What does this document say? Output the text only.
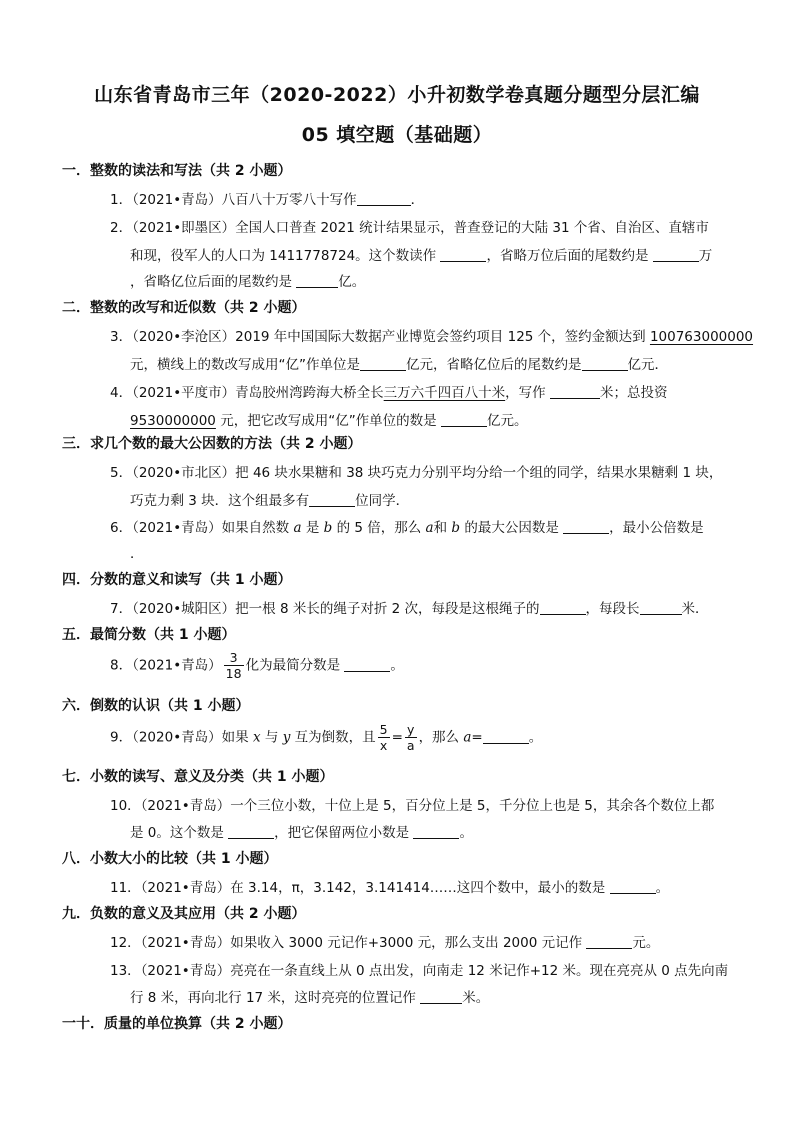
山东省青岛市三年（2020-2022）小升初数学卷真题分题型分层汇编
05 填空题（基础题）
一．整数的读法和写法（共 2 小题）
1．（2021•青岛）八百八十万零八十写作	．
2．（2021•即墨区）全国人口普查 2021 统计结果显示，普查登记的大陆 31 个省、自治区、直辖市
和现，役军人的人口为 1411778724。这个数读作	，省略万位后面的尾数约是	万
，省略亿位后面的尾数约是	亿。
二．整数的改写和近似数（共 2 小题）
3．（2020•李沧区）2019 年中国国际大数据产业博览会签约项目 125 个，签约金额达到 100763000000
元，横线上的数改写成用“亿”作单位是	亿元，省略亿位后的尾数约是	亿元．
4．（2021•平度市）青岛胶州湾跨海大桥全长三万六千四百八十米，写作	米；总投资
9530000000 元，把它改写成用“亿”作单位的数是	亿元。
三．求几个数的最大公因数的方法（共 2 小题）
5．（2020•市北区）把 46 块水果糖和 38 块巧克力分别平均分给一个组的同学，结果水果糖剩 1 块，
巧克力剩 3 块．这个组最多有	位同学．
6．（2021•青岛）如果自然数 a 是 b 的 5 倍，那么 a和 b 的最大公因数是	，最小公倍数是
．
四．分数的意义和读写（共 1 小题）
7．（2020•城阳区）把一根 8 米长的绳子对折 2 次，每段是这根绳子的	，每段长	米．
五．最简分数（共 1 小题）
8．（2021•青岛） $\frac{3}{18}$ 化为最简分数是	。
六．倒数的认识（共 1 小题）
9．（2020•青岛）如果 x 与 y 互为倒数，且 $\frac{5}{x} = \frac{y}{a}$ ，那么 a=	。
七．小数的读写、意义及分类（共 1 小题）
10．（2021•青岛）一个三位小数，十位上是 5，百分位上是 5，千分位上也是 5，其余各个数位上都
是 0。这个数是	，把它保留两位小数是	。
八．小数大小的比较（共 1 小题）
11．（2021•青岛）在 3.14，π，3.142，3.141414……这四个数中，最小的数是	。
九．负数的意义及其应用（共 2 小题）
12．（2021•青岛）如果收入 3000 元记作+3000 元，那么支出 2000 元记作	元。
13．（2021•青岛）亮亮在一条直线上从 0 点出发，向南走 12 米记作+12 米。现在亮亮从 0 点先向南
行 8 米，再向北行 17 米，这时亮亮的位置记作	米。
一十．质量的单位换算（共 2 小题）
